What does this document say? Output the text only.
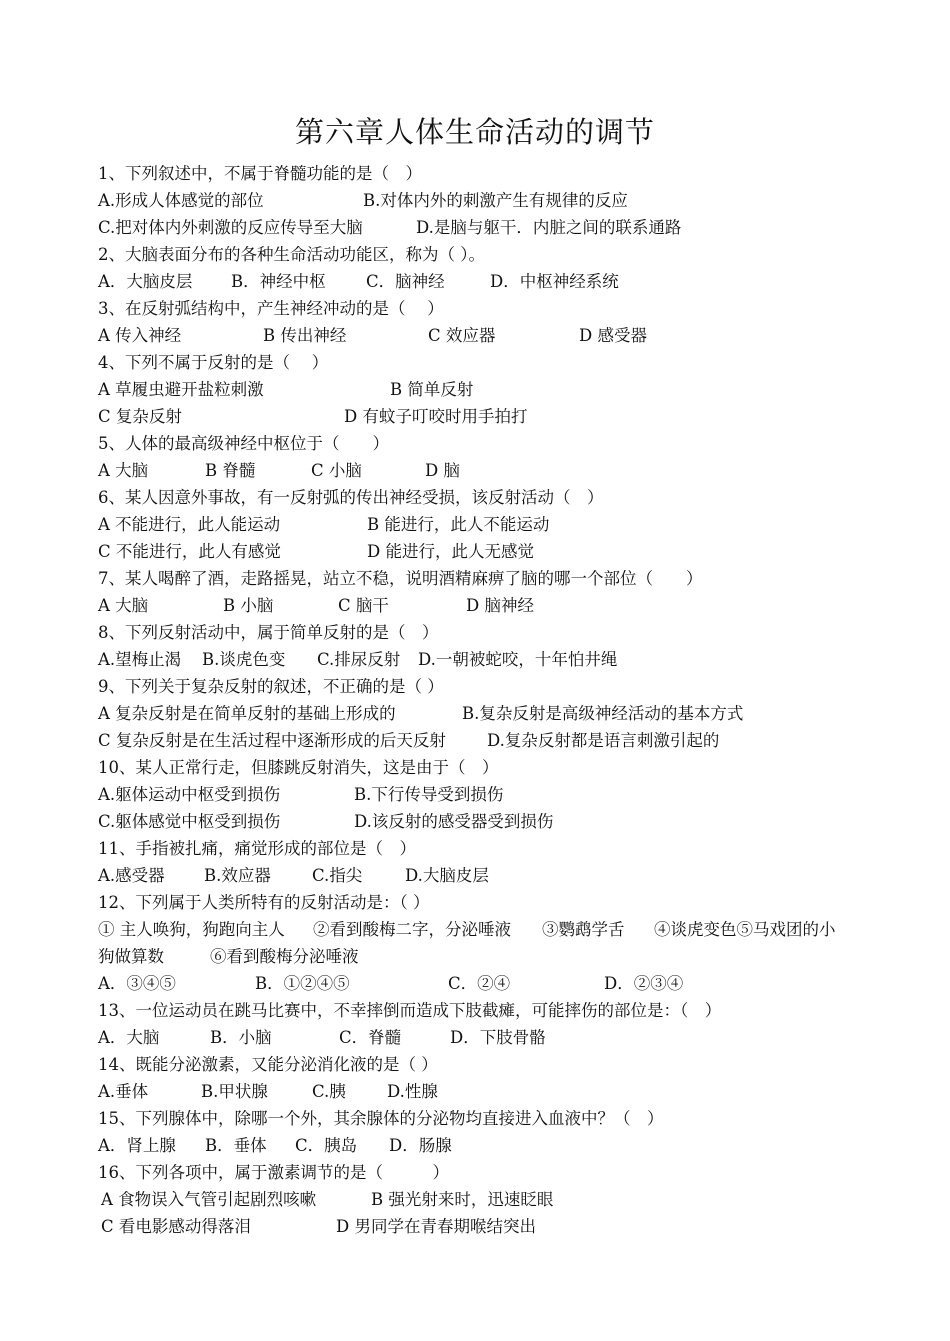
第六章人体生命活动的调节
1、下列叙述中，不属于脊髓功能的是（　）
A.形成人体感觉的部位	B.对体内外的刺激产生有规律的反应
C.把对体内外刺激的反应传导至大脑	D.是脑与躯干．内脏之间的联系通路
2、大脑表面分布的各种生命活动功能区，称为（ ）。
A．大脑皮层 B．神经中枢 C．脑神经	D．中枢神经系统
3、在反射弧结构中，产生神经冲动的是（　 ）
A 传入神经	B 传出神经	C 效应器	D 感受器
4、下列不属于反射的是（　 ）
A 草履虫避开盐粒刺激	B 简单反射
C 复杂反射	D 有蚊子叮咬时用手拍打
5、人体的最高级神经中枢位于（　　）
A 大脑	B 脊髓	C 小脑	D 脑
6、某人因意外事故，有一反射弧的传出神经受损，该反射活动（　）
A 不能进行，此人能运动	B 能进行，此人不能运动
C 不能进行，此人有感觉	D 能进行，此人无感觉
7、某人喝醉了酒，走路摇晃，站立不稳，说明酒精麻痹了脑的哪一个部位（　　）
A 大脑	B 小脑	C 脑干	D 脑神经
8、下列反射活动中，属于简单反射的是（　）
A.望梅止渴 B.谈虎色变 C.排尿反射 D.一朝被蛇咬，十年怕井绳
9、下列关于复杂反射的叙述，不正确的是（ ）
A 复杂反射是在简单反射的基础上形成的	B.复杂反射是高级神经活动的基本方式
C 复杂反射是在生活过程中逐渐形成的后天反射 D.复杂反射都是语言刺激引起的
10、某人正常行走，但膝跳反射消失，这是由于（　）
A.躯体运动中枢受到损伤	B.下行传导受到损伤
C.躯体感觉中枢受到损伤	D.该反射的感受器受到损伤
11、手指被扎痛，痛觉形成的部位是（　）
A.感受器 B.效应器 C.指尖	D.大脑皮层
12、下列属于人类所特有的反射活动是：（ ）
① 主人唤狗，狗跑向主人 ②看到酸梅二字，分泌唾液 ③鹦鹉学舌 ④谈虎变色⑤马戏团的小
狗做算数	⑥看到酸梅分泌唾液
A．③④⑤	B．①②④⑤	C．②④	D．②③④
13、一位运动员在跳马比赛中，不幸摔倒而造成下肢截瘫，可能摔伤的部位是：（　）
A．大脑	B．小脑	C．脊髓	D．下肢骨骼
14、既能分泌激素，又能分泌消化液的是（ ）
A.垂体	B.甲状腺	C.胰 D.性腺
15、下列腺体中，除哪一个外，其余腺体的分泌物均直接进入血液中？（　）
A．肾上腺 B．垂体 C．胰岛 D．肠腺
16、下列各项中，属于激素调节的是（　　　）
A 食物误入气管引起剧烈咳嗽	B 强光射来时，迅速眨眼
C 看电影感动得落泪	D 男同学在青春期喉结突出
